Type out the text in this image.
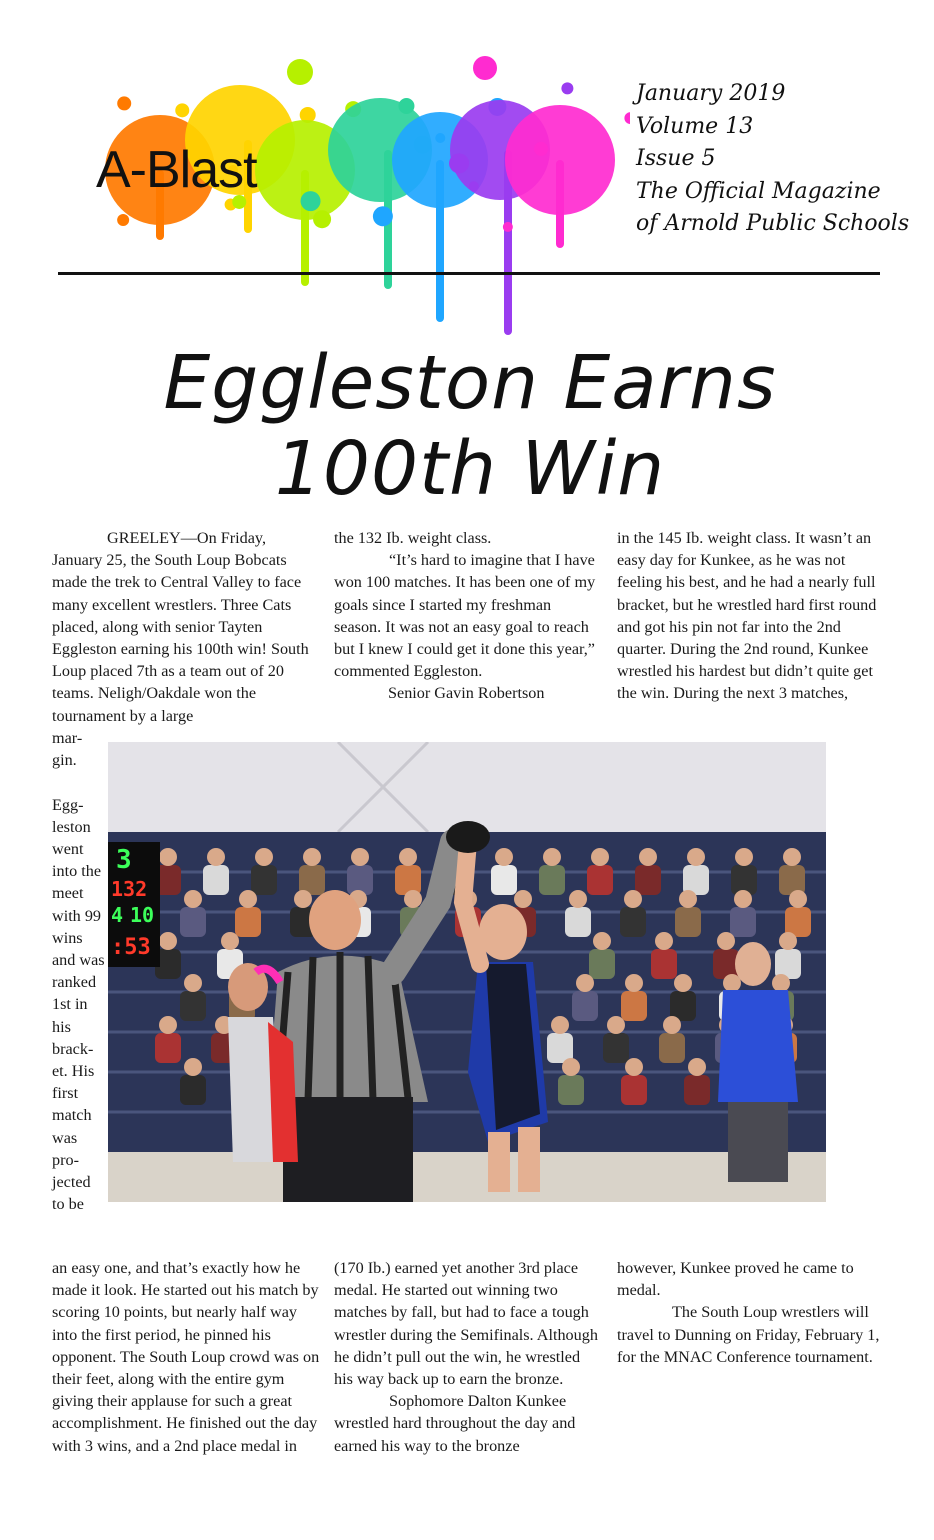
A-Blast
January 2019
Volume 13
Issue 5
The Official Magazine
of Arnold Public Schools
Eggleston Earns
100th Win

GREELEY—On Friday, January 25, the South Loup Bobcats made the trek to Central Valley to face many excellent wrestlers. Three Cats placed, along with senior Tayten Eggleston earning his 100th win! South Loup placed 7th as a team out of 20 teams. Neligh/Oakdale won the tournament by a large

the 132 Ib. weight class.

“It’s hard to imagine that I have won 100 matches. It has been one of my goals since I started my freshman season. It was not an easy goal to reach but I knew I could get it done this year,” commented Eggleston.

Senior Gavin Robertson

in the 145 Ib. weight class. It wasn’t an easy day for Kunkee, as he was not feeling his best, and he had a nearly full bracket, but he wrestled hard first round and got his pin not far into the 2nd quarter. During the 2nd round, Kunkee wrestled his hardest but didn’t quite get the win. During the next 3 matches,

mar-gin.

Egg-leston went into the meet with 99 wins and was ranked 1st in his brack-et. His first match was pro-jected to be
3
132
4 10
:53

an easy one, and that’s exactly how he made it look. He started out his match by scoring 10 points, but nearly half way into the first period, he pinned his opponent. The South Loup crowd was on their feet, along with the entire gym giving their applause for such a great accomplishment. He finished out the day with 3 wins, and a 2nd place medal in

(170 Ib.) earned yet another 3rd place medal. He started out winning two matches by fall, but had to face a tough wrestler during the Semifinals. Although he didn’t pull out the win, he wrestled his way back up to earn the bronze.

Sophomore Dalton Kunkee wrestled hard throughout the day and earned his way to the bronze

however, Kunkee proved he came to medal.

The South Loup wrestlers will travel to Dunning on Friday, February 1, for the MNAC Conference tournament.
